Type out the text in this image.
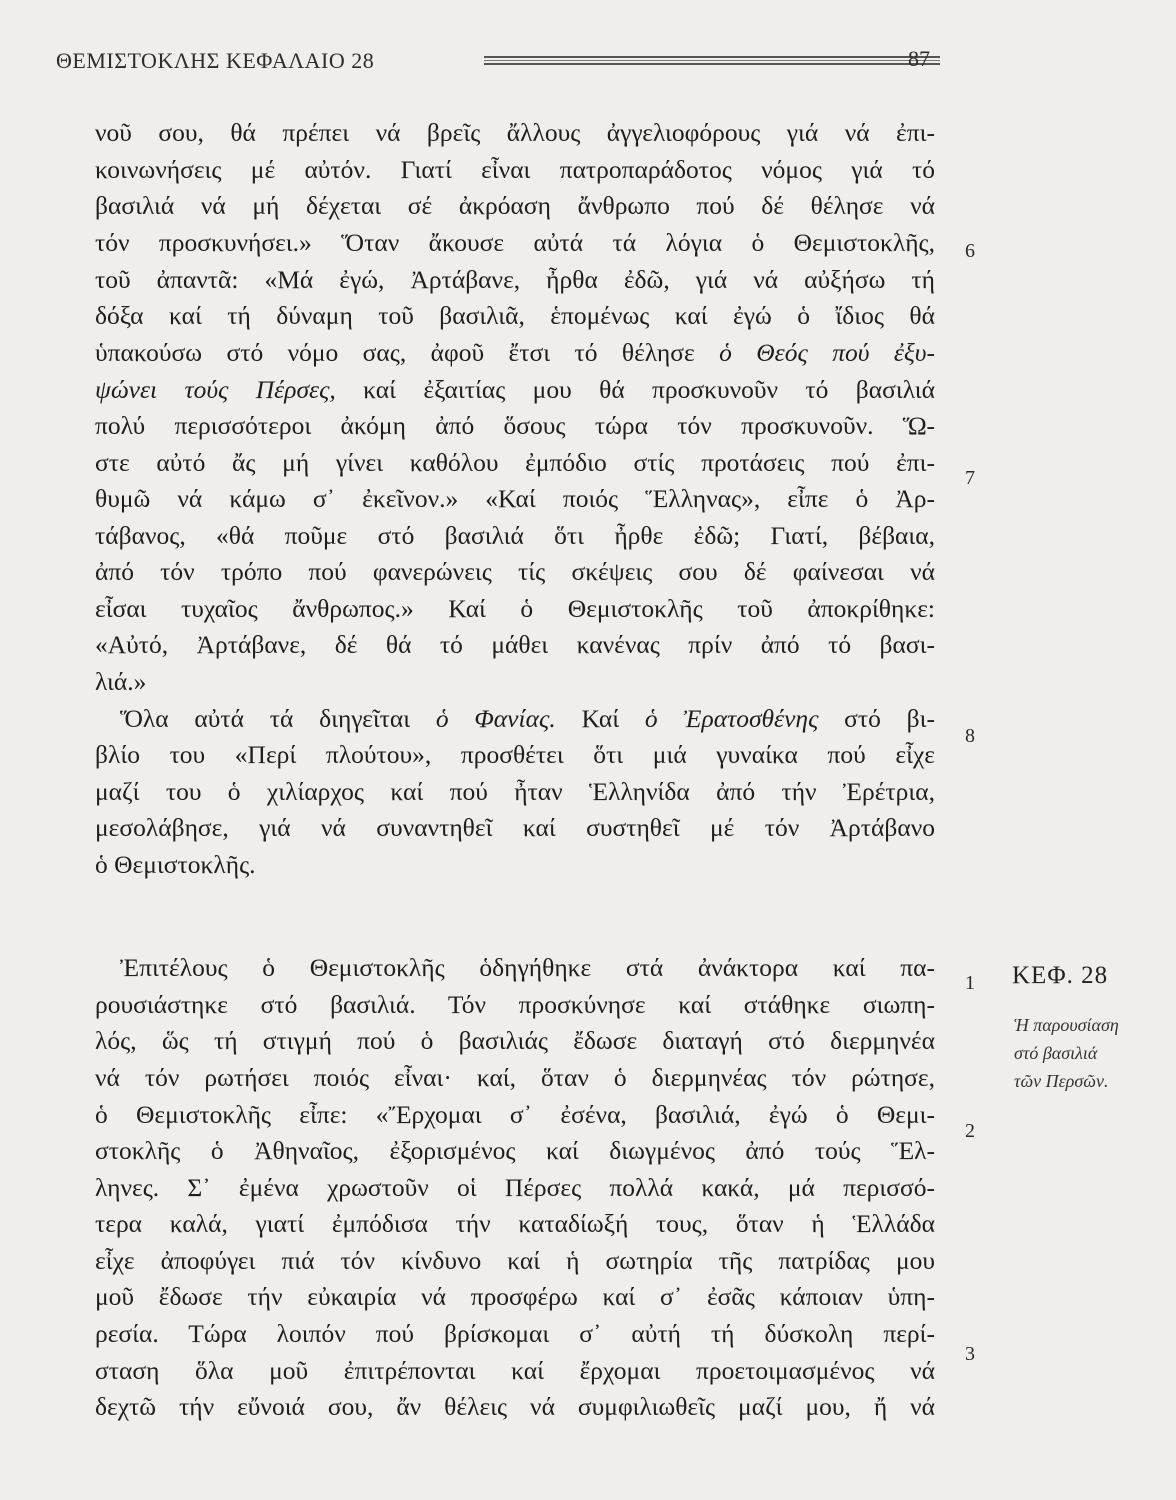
ΘΕΜΙΣΤΟΚΛΗΣ ΚΕΦΑΛΑΙΟ 28	87
νοῦ σου, θά πρέπει νά βρεῖς ἄλλους ἀγγελιοφόρους γιά νά ἐπι-
κοινωνήσεις μέ αὐτόν. Γιατί εἶναι πατροπαράδοτος νόμος γιά τό
βασιλιά νά μή δέχεται σέ ἀκρόαση ἄνθρωπο πού δέ θέλησε νά
τόν προσκυνήσει.» Ὅταν ἄκουσε αὐτά τά λόγια ὁ Θεμιστοκλῆς,
τοῦ ἀπαντᾶ: «Μά ἐγώ, Ἀρτάβανε, ἦρθα ἐδῶ, γιά νά αὐξήσω τή
δόξα καί τή δύναμη τοῦ βασιλιᾶ, ἑπομένως καί ἐγώ ὁ ἴδιος θά
ὑπακούσω στό νόμο σας, ἀφοῦ ἔτσι τό θέλησε ὁ Θεός πού ἐξυ-
ψώνει τούς Πέρσες, καί ἐξαιτίας μου θά προσκυνοῦν τό βασιλιά
πολύ περισσότεροι ἀκόμη ἀπό ὅσους τώρα τόν προσκυνοῦν. Ὥ-
στε αὐτό ἄς μή γίνει καθόλου ἐμπόδιο στίς προτάσεις πού ἐπι-
θυμῶ νά κάμω σ᾽ ἐκεῖνον.» «Καί ποιός Ἕλληνας», εἶπε ὁ Ἀρ-
τάβανος, «θά ποῦμε στό βασιλιά ὅτι ἦρθε ἐδῶ; Γιατί, βέβαια,
ἀπό τόν τρόπο πού φανερώνεις τίς σκέψεις σου δέ φαίνεσαι νά
εἶσαι τυχαῖος ἄνθρωπος.» Καί ὁ Θεμιστοκλῆς τοῦ ἀποκρίθηκε:
«Αὐτό, Ἀρτάβανε, δέ θά τό μάθει κανένας πρίν ἀπό τό βασι-
λιά.»
Ὅλα αὐτά τά διηγεῖται ὁ Φανίας. Καί ὁ Ἐρατοσθένης στό βι-
βλίο του «Περί πλούτου», προσθέτει ὅτι μιά γυναίκα πού εἶχε
μαζί του ὁ χιλίαρχος καί πού ἦταν Ἑλληνίδα ἀπό τήν Ἐρέτρια,
μεσολάβησε, γιά νά συναντηθεῖ καί συστηθεῖ μέ τόν Ἀρτάβανο
ὁ Θεμιστοκλῆς.
Ἐπιτέλους ὁ Θεμιστοκλῆς ὁδηγήθηκε στά ἀνάκτορα καί πα-
ρουσιάστηκε στό βασιλιά. Τόν προσκύνησε καί στάθηκε σιωπη-
λός, ὥς τή στιγμή πού ὁ βασιλιάς ἔδωσε διαταγή στό διερμηνέα
νά τόν ρωτήσει ποιός εἶναι· καί, ὅταν ὁ διερμηνέας τόν ρώτησε,
ὁ Θεμιστοκλῆς εἶπε: «Ἔρχομαι σ᾽ ἐσένα, βασιλιά, ἐγώ ὁ Θεμι-
στοκλῆς ὁ Ἀθηναῖος, ἐξορισμένος καί διωγμένος ἀπό τούς Ἕλ-
ληνες. Σ᾽ ἐμένα χρωστοῦν οἱ Πέρσες πολλά κακά, μά περισσό-
τερα καλά, γιατί ἐμπόδισα τήν καταδίωξή τους, ὅταν ἡ Ἑλλάδα
εἶχε ἀποφύγει πιά τόν κίνδυνο καί ἡ σωτηρία τῆς πατρίδας μου
μοῦ ἔδωσε τήν εὐκαιρία νά προσφέρω καί σ᾽ ἐσᾶς κάποιαν ὑπη-
ρεσία. Τώρα λοιπόν πού βρίσκομαι σ᾽ αὐτή τή δύσκολη περί-
σταση ὅλα μοῦ ἐπιτρέπονται καί ἔρχομαι προετοιμασμένος νά
δεχτῶ τήν εὔνοιά σου, ἄν θέλεις νά συμφιλιωθεῖς μαζί μου, ἤ νά
6
7
8
1
2
3
ΚΕΦ. 28
Ἡ παρουσίαση
στό βασιλιά
τῶν Περσῶν.
